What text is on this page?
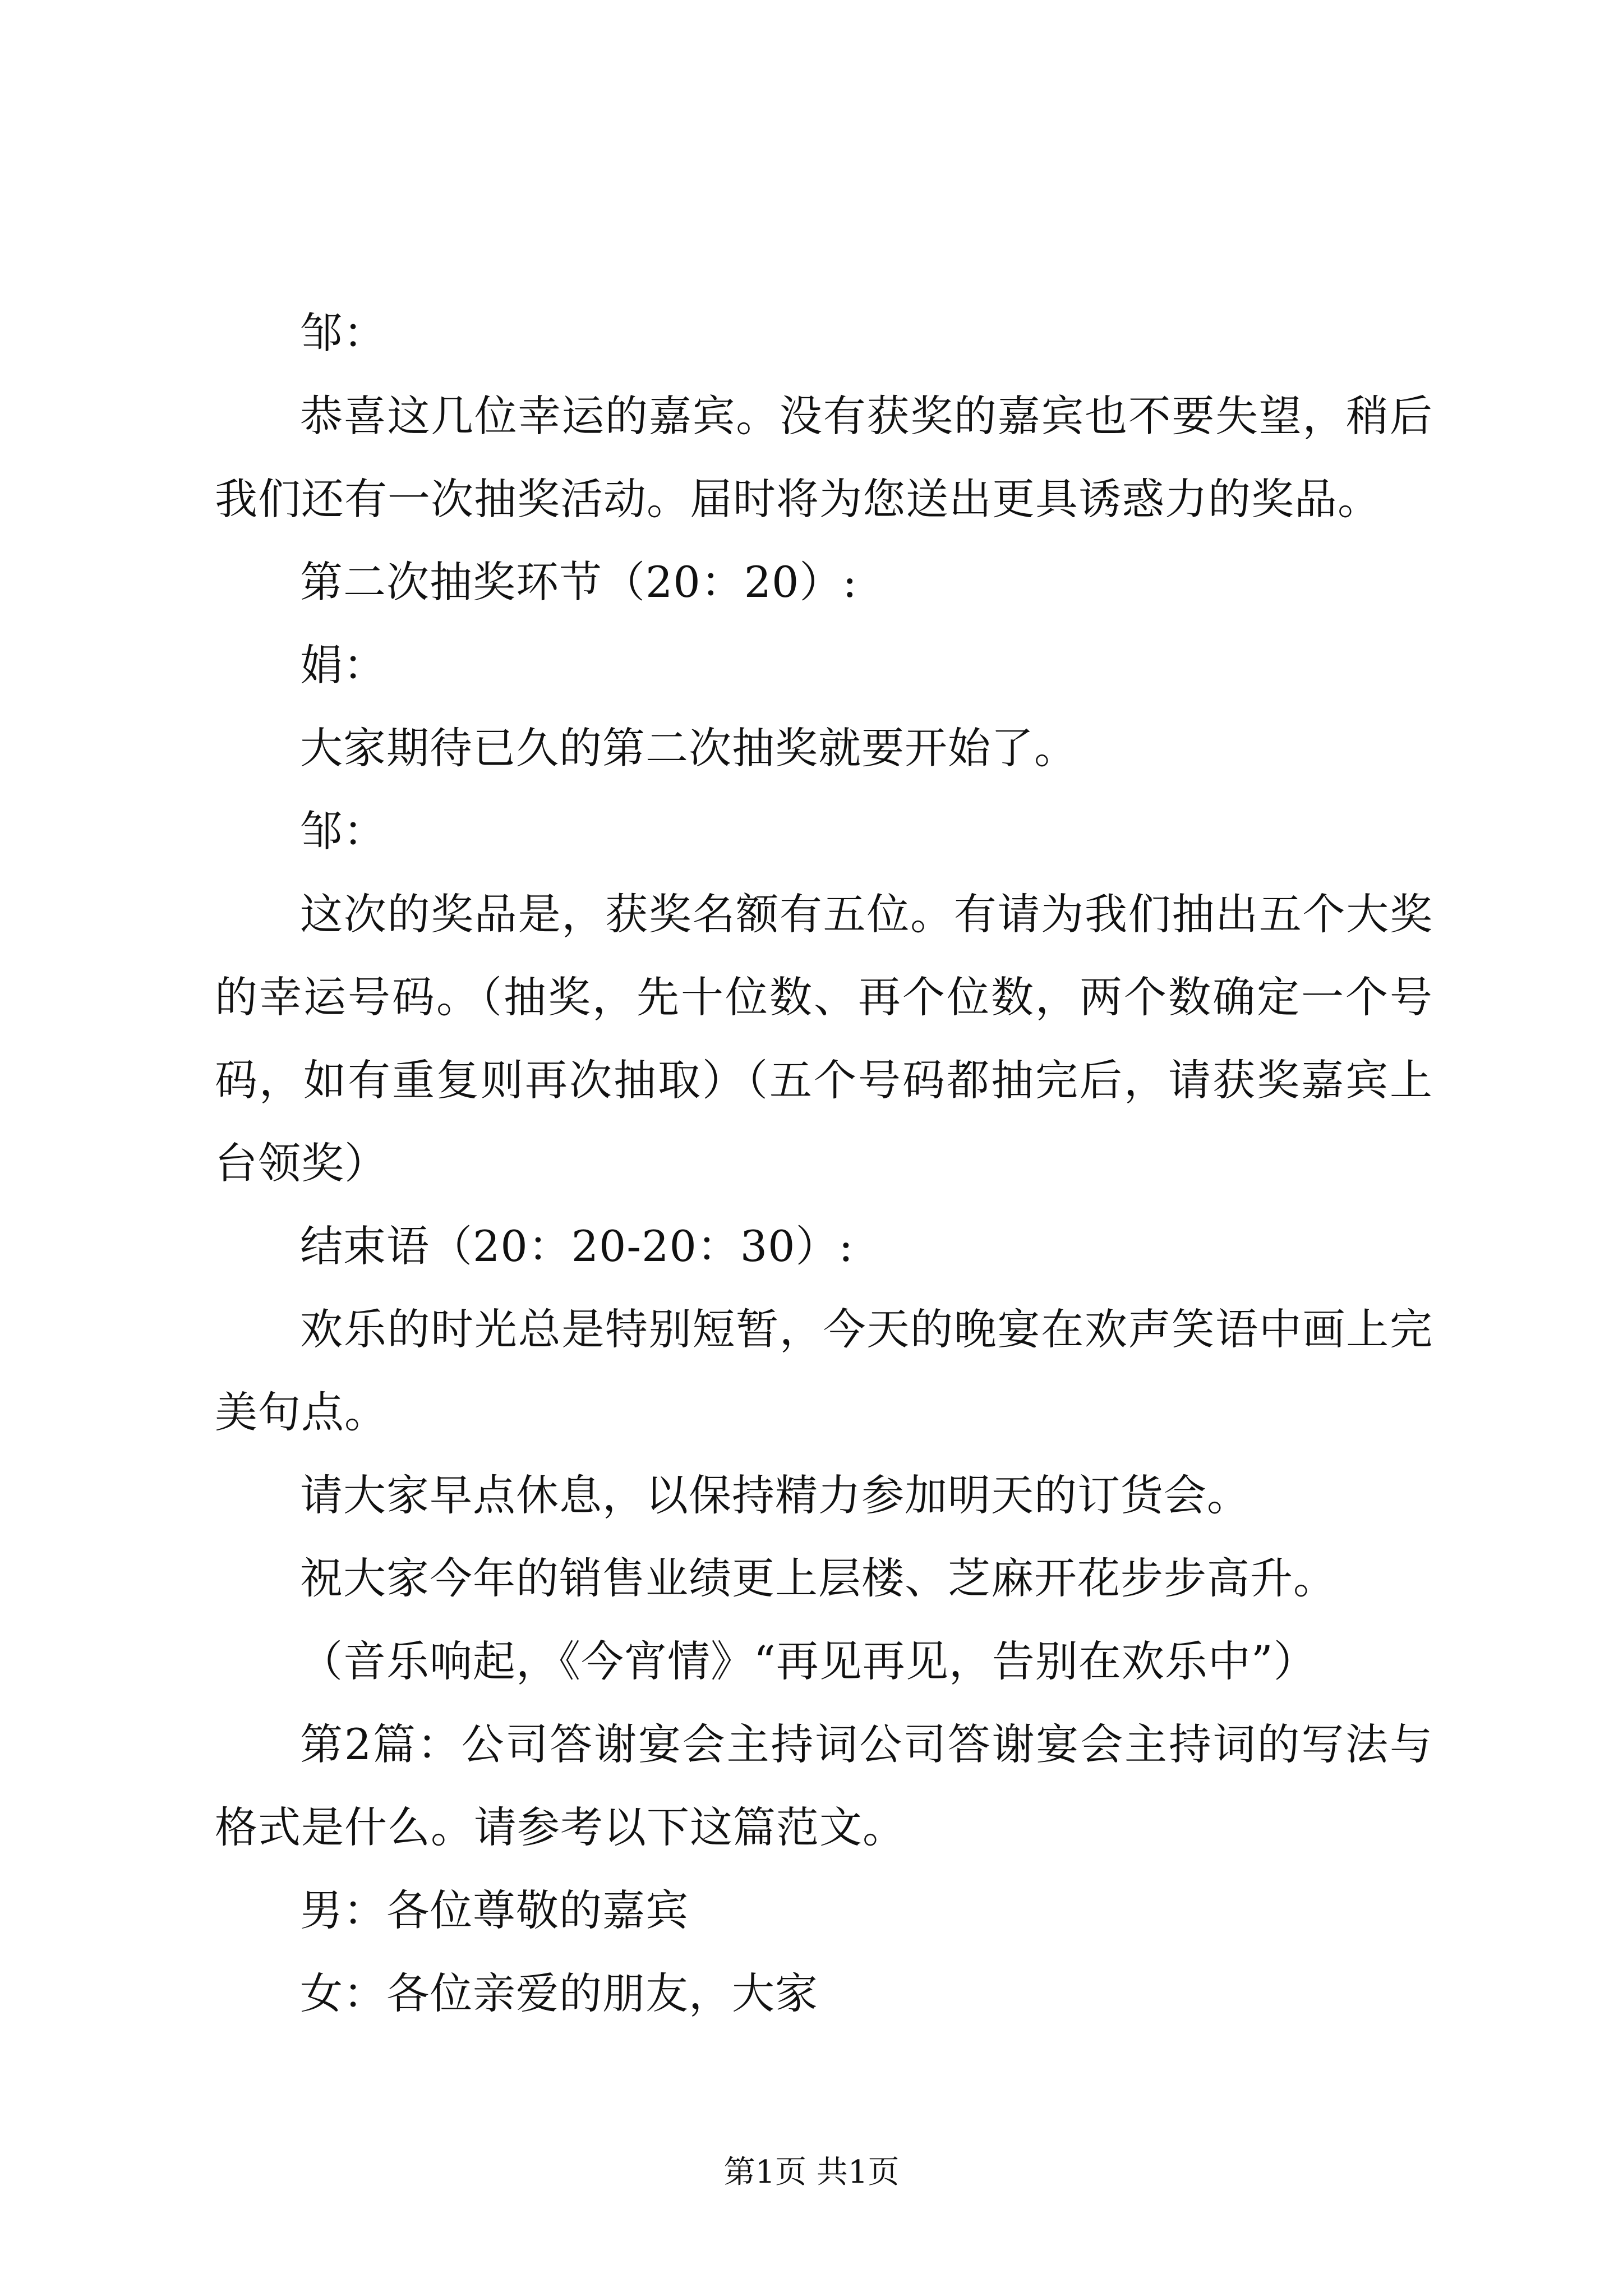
邹：

恭喜这几位幸运的嘉宾。没有获奖的嘉宾也不要失望，稍后我们还有一次抽奖活动。届时将为您送出更具诱惑力的奖品。

第二次抽奖环节（20：20）:

娟：

大家期待已久的第二次抽奖就要开始了。

邹：

这次的奖品是，获奖名额有五位。有请为我们抽出五个大奖的幸运号码。（抽奖，先十位数、再个位数，两个数确定一个号码，如有重复则再次抽取）（五个号码都抽完后，请获奖嘉宾上台领奖）

结束语（20：20-20：30）:

欢乐的时光总是特别短暂，今天的晚宴在欢声笑语中画上完美句点。

请大家早点休息，以保持精力参加明天的订货会。

祝大家今年的销售业绩更上层楼、芝麻开花步步高升。

（音乐响起，《今宵情》“再见再见，告别在欢乐中”）

第2篇：公司答谢宴会主持词公司答谢宴会主持词的写法与格式是什么。请参考以下这篇范文。

男：各位尊敬的嘉宾

女：各位亲爱的朋友，大家

第1页 共1页
